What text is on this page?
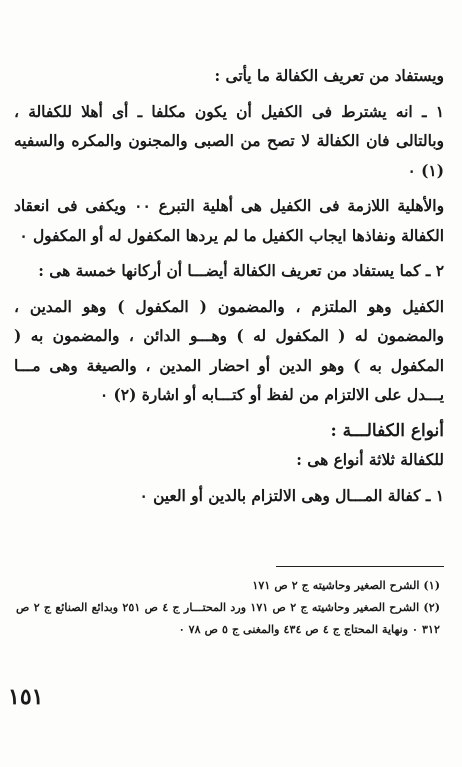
ويستفاد من تعريف الكفالة ما يأتى :

١ ـ انه يشترط فى الكفيل أن يكون مكلفا ـ أى أهلا للكفالة ، وبالتالى فان الكفالة لا تصح من الصبى والمجنون والمكره والسفيه (١) ٠

والأهلية اللازمة فى الكفيل هى أهلية التبرع ٠٠ ويكفى فى انعقاد الكفالة ونفاذها ايجاب الكفيل ما لم يردها المكفول له أو المكفول ٠

٢ ـ كما يستفاد من تعريف الكفالة أيضـــا أن أركانها خمسة هى :

الكفيل وهو الملتزم ، والمضمون ( المكفول ) وهو المدين ، والمضمون له ( المكفول له ) وهـــو الدائن ، والمضمون به ( المكفول به ) وهو الدين أو احضار المدين ، والصيغة وهى مـــا يـــدل على الالتزام من لفظ أو كتـــابه أو اشارة (٢) ٠

أنواع الكفالـــة :

للكفالة ثلاثة أنواع هى :

١ ـ كفالة المـــال وهى الالتزام بالدين أو العين ٠

(١) الشرح الصغير وحاشيته ج ٢ ص ١٧١

(٢) الشرح الصغير وحاشيته ج ٢ ص ١٧١ ورد المحتـــار ج ٤ ص ٢٥١ وبدائع الصنائع ج ٢ ص ٣١٢ ٠ ونهاية المحتاج ج ٤ ص ٤٣٤ والمغنى ج ٥ ص ٧٨ ٠

١٥١
